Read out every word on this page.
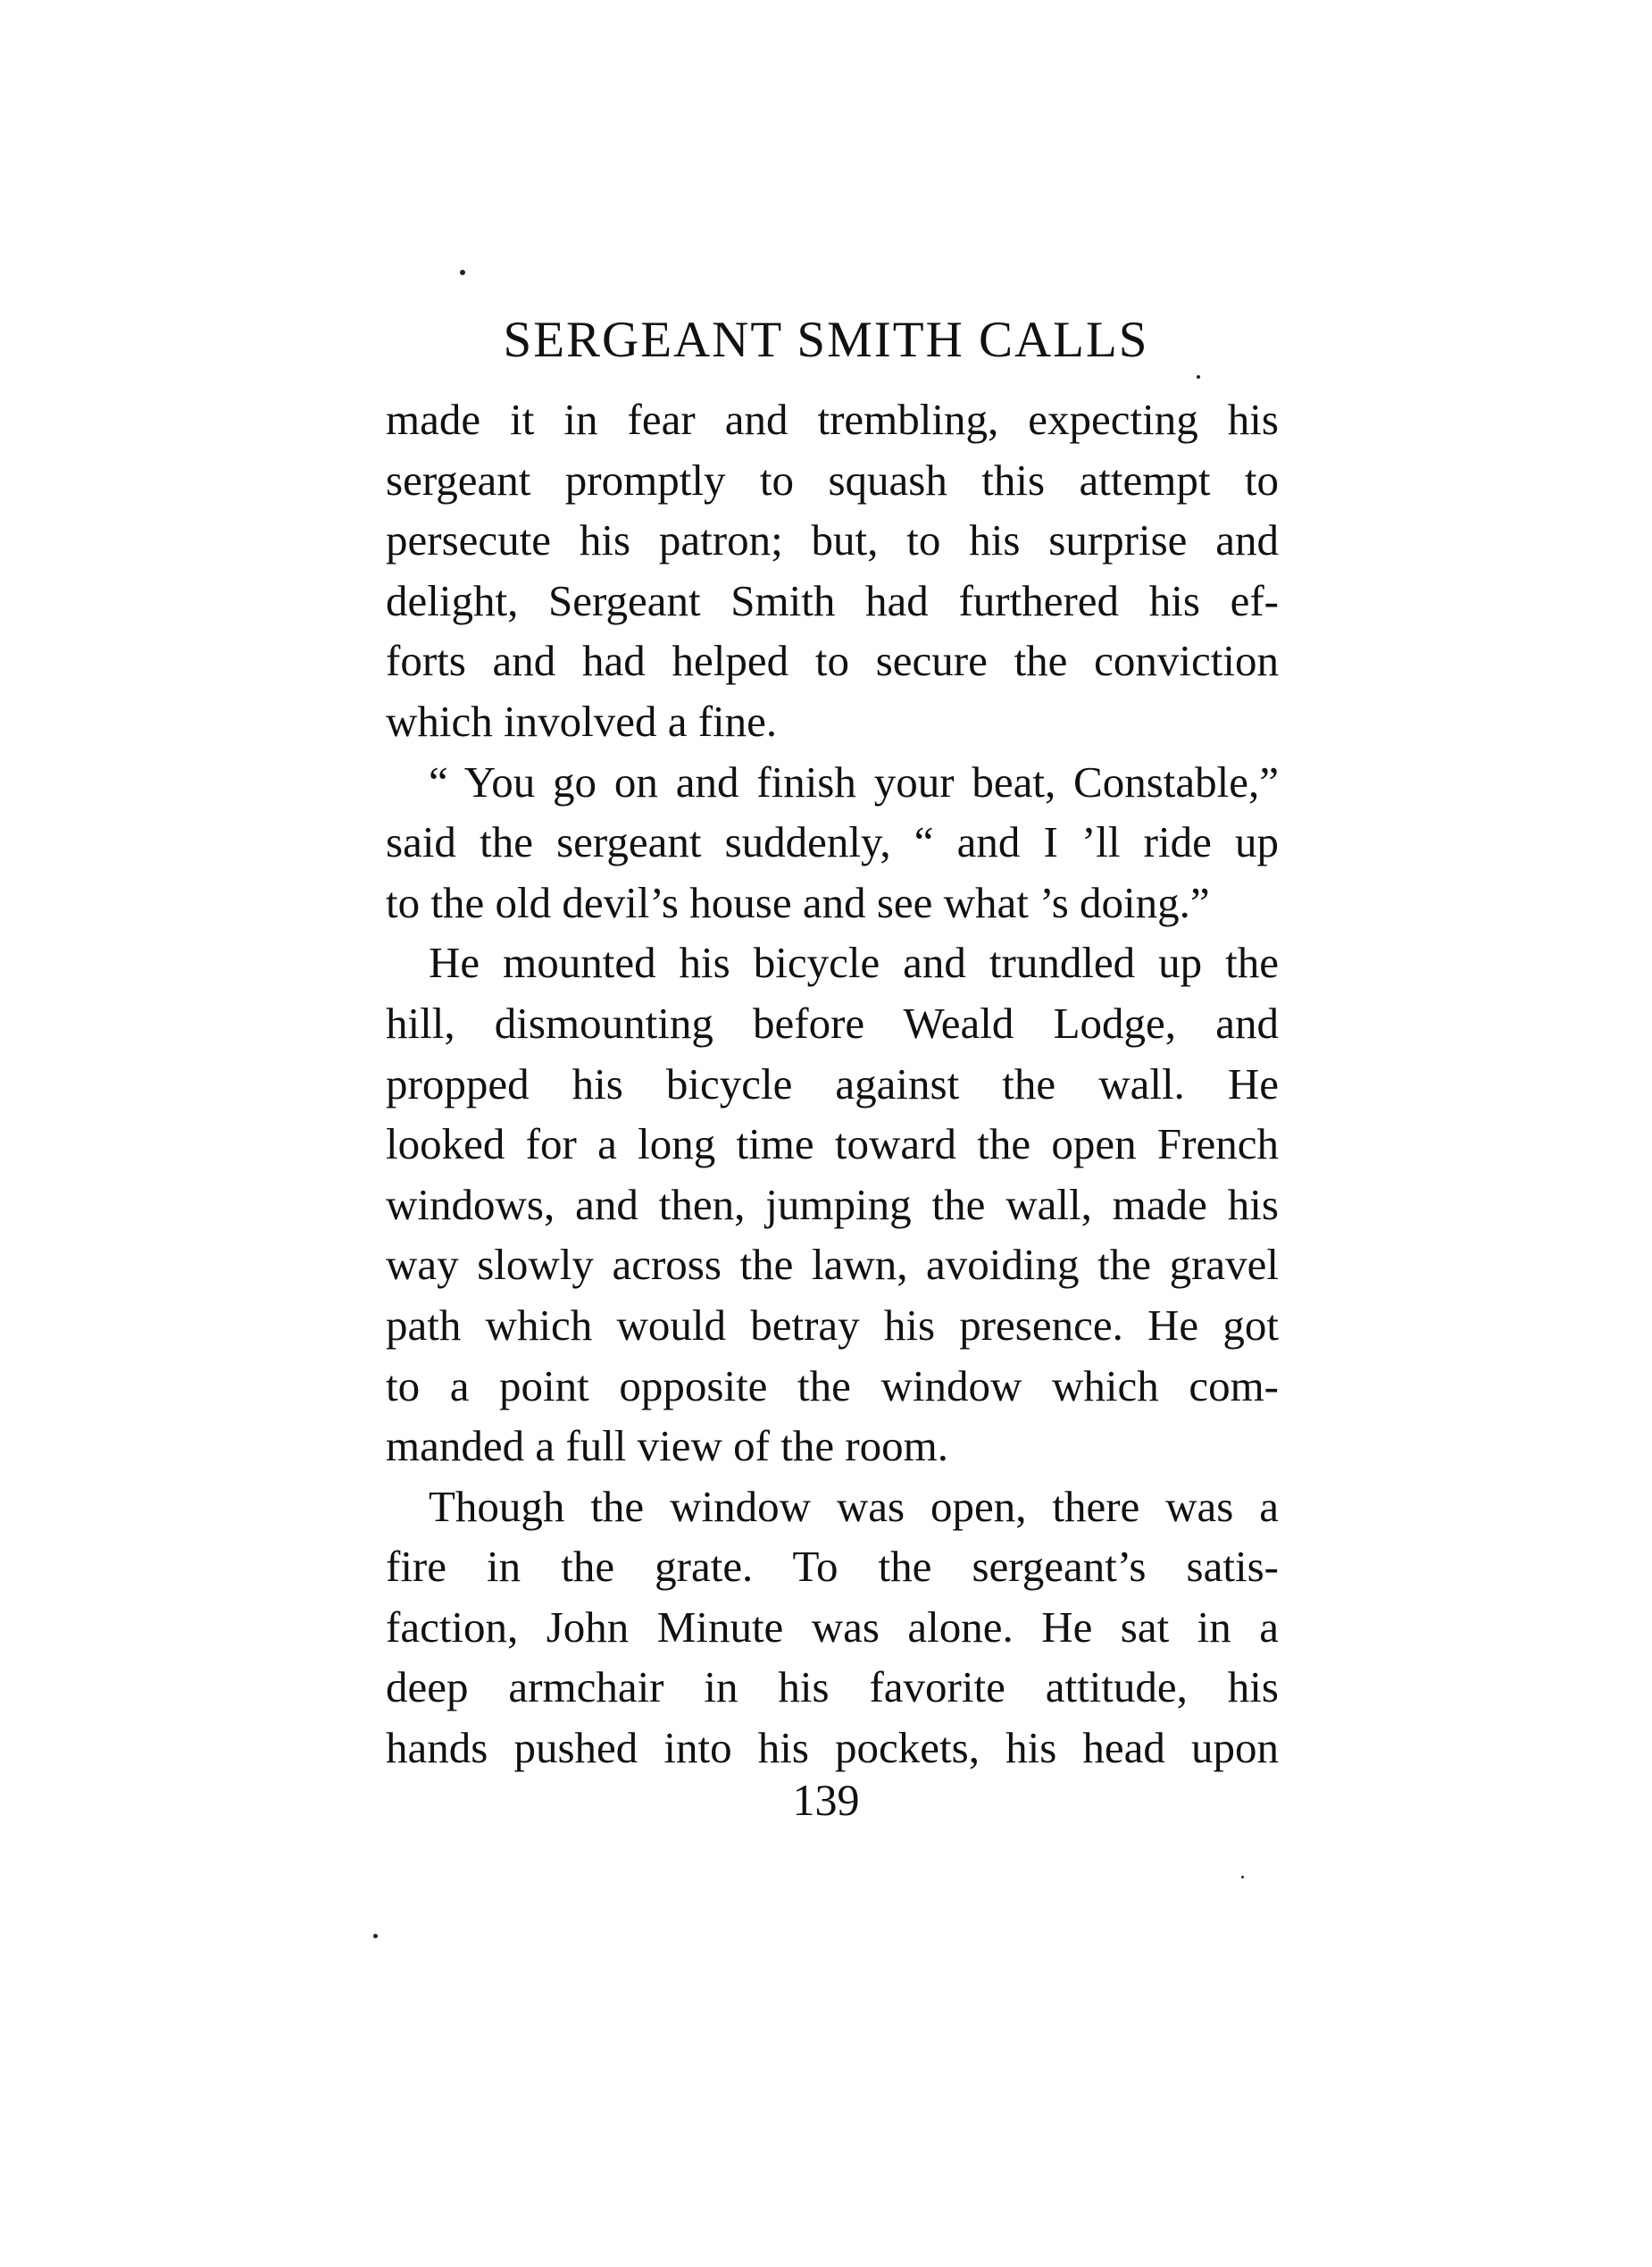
SERGEANT SMITH CALLS
made it in fear and trembling, expecting his
sergeant promptly to squash this attempt to
persecute his patron; but, to his surprise and
delight, Sergeant Smith had furthered his ef-
forts and had helped to secure the conviction
which involved a fine.
“ You go on and finish your beat, Constable,”
said the sergeant suddenly, “ and I ’ll ride up
to the old devil’s house and see what ’s doing.”
He mounted his bicycle and trundled up the
hill, dismounting before Weald Lodge, and
propped his bicycle against the wall. He
looked for a long time toward the open French
windows, and then, jumping the wall, made his
way slowly across the lawn, avoiding the gravel
path which would betray his presence. He got
to a point opposite the window which com-
manded a full view of the room.
Though the window was open, there was a
fire in the grate. To the sergeant’s satis-
faction, John Minute was alone. He sat in a
deep armchair in his favorite attitude, his
hands pushed into his pockets, his head upon
139
